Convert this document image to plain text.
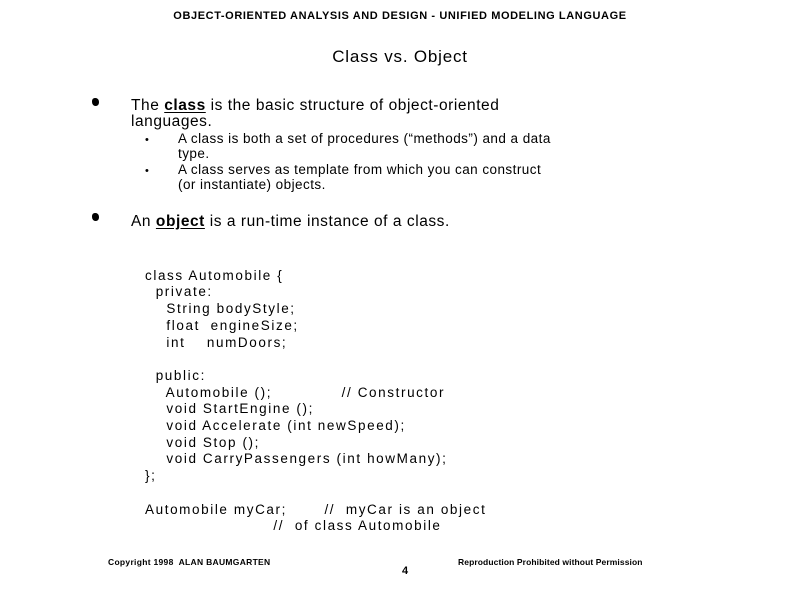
OBJECT-ORIENTED ANALYSIS AND DESIGN - UNIFIED MODELING LANGUAGE
Class vs. Object
The class is the basic structure of object-oriented
languages.
• A class is both a set of procedures (“methods”) and a data
type.
• A class serves as template from which you can construct
(or instantiate) objects.
An object is a run-time instance of a class.

class Automobile {
private:
String bodyStyle;
float  engineSize;
int    numDoors;
public:
Automobile ();             // Constructor
void StartEngine ();
void Accelerate (int newSpeed);
void Stop ();
void CarryPassengers (int howMany);
};
Automobile myCar;       //  myCar is an object
//  of class Automobile

Copyright 1998  ALAN BAUMGARTEN
4
Reproduction Prohibited without Permission
